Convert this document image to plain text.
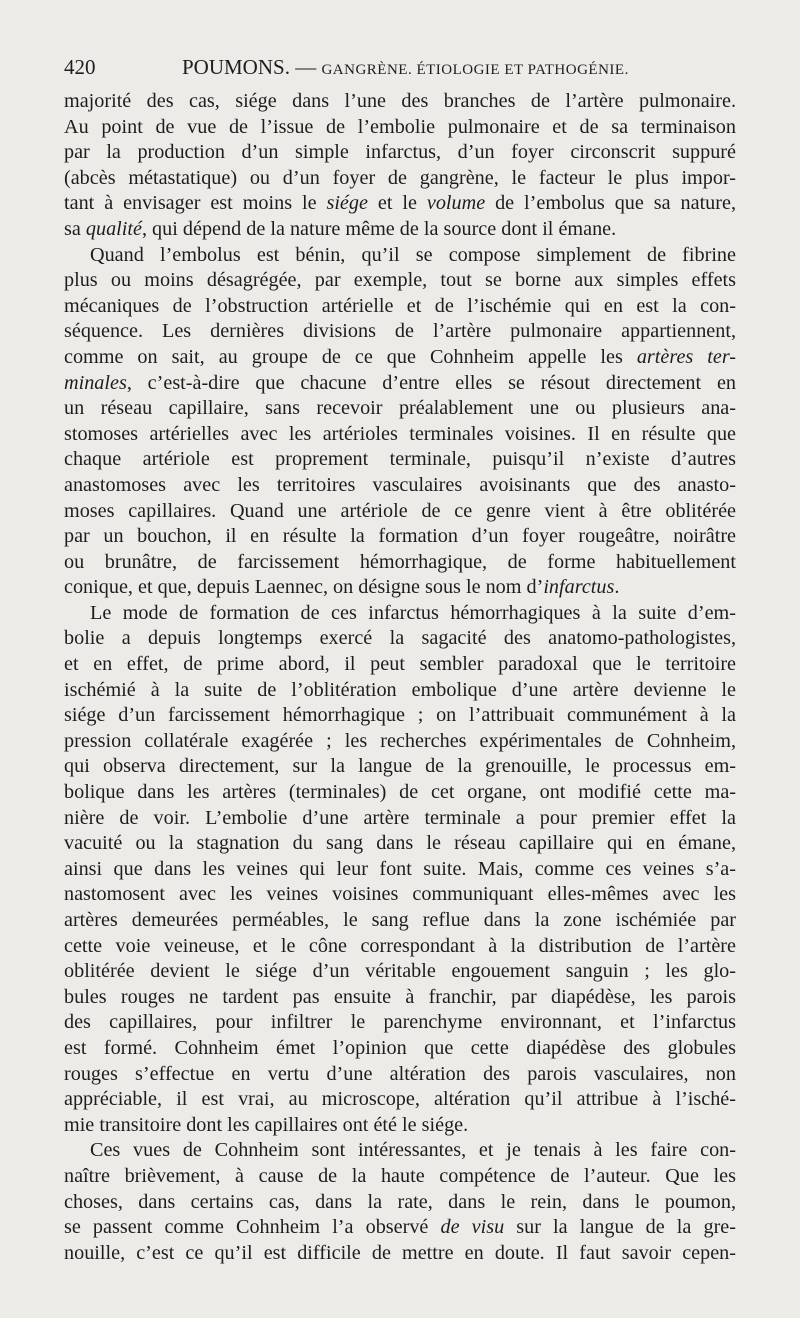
420	POUMONS. — GANGRÈNE. ÉTIOLOGIE ET PATHOGÉNIE.
majorité des cas, siége dans l’une des branches de l’artère pulmonaire.
Au point de vue de l’issue de l’embolie pulmonaire et de sa terminaison
par la production d’un simple infarctus, d’un foyer circonscrit suppuré
(abcès métastatique) ou d’un foyer de gangrène, le facteur le plus impor-
tant à envisager est moins le siége et le volume de l’embolus que sa nature,
sa qualité, qui dépend de la nature même de la source dont il émane.
Quand l’embolus est bénin, qu’il se compose simplement de fibrine
plus ou moins désagrégée, par exemple, tout se borne aux simples effets
mécaniques de l’obstruction artérielle et de l’ischémie qui en est la con-
séquence. Les dernières divisions de l’artère pulmonaire appartiennent,
comme on sait, au groupe de ce que Cohnheim appelle les artères ter-
minales, c’est-à-dire que chacune d’entre elles se résout directement en
un réseau capillaire, sans recevoir préalablement une ou plusieurs ana-
stomoses artérielles avec les artérioles terminales voisines. Il en résulte que
chaque artériole est proprement terminale, puisqu’il n’existe d’autres
anastomoses avec les territoires vasculaires avoisinants que des anasto-
moses capillaires. Quand une artériole de ce genre vient à être oblitérée
par un bouchon, il en résulte la formation d’un foyer rougeâtre, noirâtre
ou brunâtre, de farcissement hémorrhagique, de forme habituellement
conique, et que, depuis Laennec, on désigne sous le nom d’infarctus.
Le mode de formation de ces infarctus hémorrhagiques à la suite d’em-
bolie a depuis longtemps exercé la sagacité des anatomo-pathologistes,
et en effet, de prime abord, il peut sembler paradoxal que le territoire
ischémié à la suite de l’oblitération embolique d’une artère devienne le
siége d’un farcissement hémorrhagique ; on l’attribuait communément à la
pression collatérale exagérée ; les recherches expérimentales de Cohnheim,
qui observa directement, sur la langue de la grenouille, le processus em-
bolique dans les artères (terminales) de cet organe, ont modifié cette ma-
nière de voir. L’embolie d’une artère terminale a pour premier effet la
vacuité ou la stagnation du sang dans le réseau capillaire qui en émane,
ainsi que dans les veines qui leur font suite. Mais, comme ces veines s’a-
nastomosent avec les veines voisines communiquant elles-mêmes avec les
artères demeurées perméables, le sang reflue dans la zone ischémiée par
cette voie veineuse, et le cône correspondant à la distribution de l’artère
oblitérée devient le siége d’un véritable engouement sanguin ; les glo-
bules rouges ne tardent pas ensuite à franchir, par diapédèse, les parois
des capillaires, pour infiltrer le parenchyme environnant, et l’infarctus
est formé. Cohnheim émet l’opinion que cette diapédèse des globules
rouges s’effectue en vertu d’une altération des parois vasculaires, non
appréciable, il est vrai, au microscope, altération qu’il attribue à l’isché-
mie transitoire dont les capillaires ont été le siége.
Ces vues de Cohnheim sont intéressantes, et je tenais à les faire con-
naître brièvement, à cause de la haute compétence de l’auteur. Que les
choses, dans certains cas, dans la rate, dans le rein, dans le poumon,
se passent comme Cohnheim l’a observé de visu sur la langue de la gre-
nouille, c’est ce qu’il est difficile de mettre en doute. Il faut savoir cepen-
